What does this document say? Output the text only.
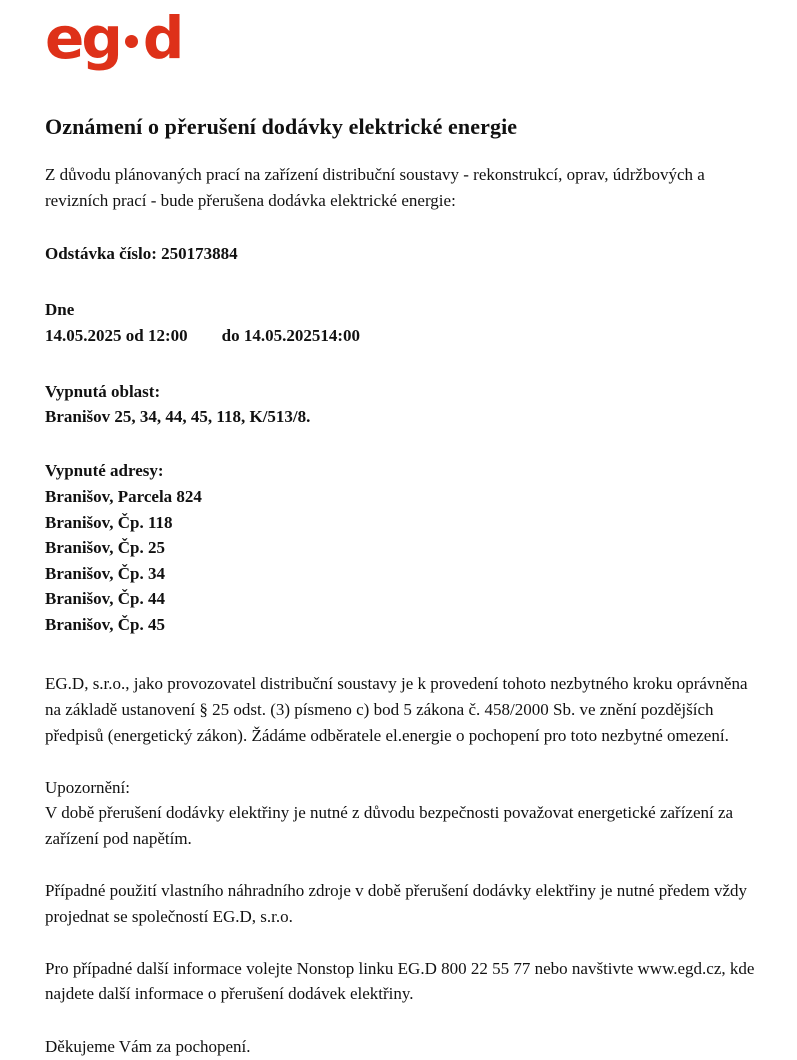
eg d
Oznámení o přerušení dodávky elektrické energie

Z důvodu plánovaných prací na zařízení distribuční soustavy - rekonstrukcí, oprav, údržbových a revizních prací - bude přerušena dodávka elektrické energie:

Odstávka číslo: 250173884
Dne
14.05.2025 od 12:00 do 14.05.202514:00
Vypnutá oblast:
Branišov 25, 34, 44, 45, 118, K/513/8.
Vypnuté adresy:
Branišov, Parcela 824
Branišov, Čp. 118
Branišov, Čp. 25
Branišov, Čp. 34
Branišov, Čp. 44
Branišov, Čp. 45

EG.D, s.r.o., jako provozovatel distribuční soustavy je k provedení tohoto nezbytného kroku oprávněna na základě ustanovení § 25 odst. (3) písmeno c) bod 5 zákona č. 458/2000 Sb. ve znění pozdějších předpisů (energetický zákon). Žádáme odběratele el.energie o pochopení pro toto nezbytné omezení.

Upozornění:

V době přerušení dodávky elektřiny je nutné z důvodu bezpečnosti považovat energetické zařízení za zařízení pod napětím.

Případné použití vlastního náhradního zdroje v době přerušení dodávky elektřiny je nutné předem vždy projednat se společností EG.D, s.r.o.

Pro případné další informace volejte Nonstop linku EG.D 800 22 55 77 nebo navštivte www.egd.cz, kde najdete další informace o přerušení dodávek elektřiny.

Děkujeme Vám za pochopení.
